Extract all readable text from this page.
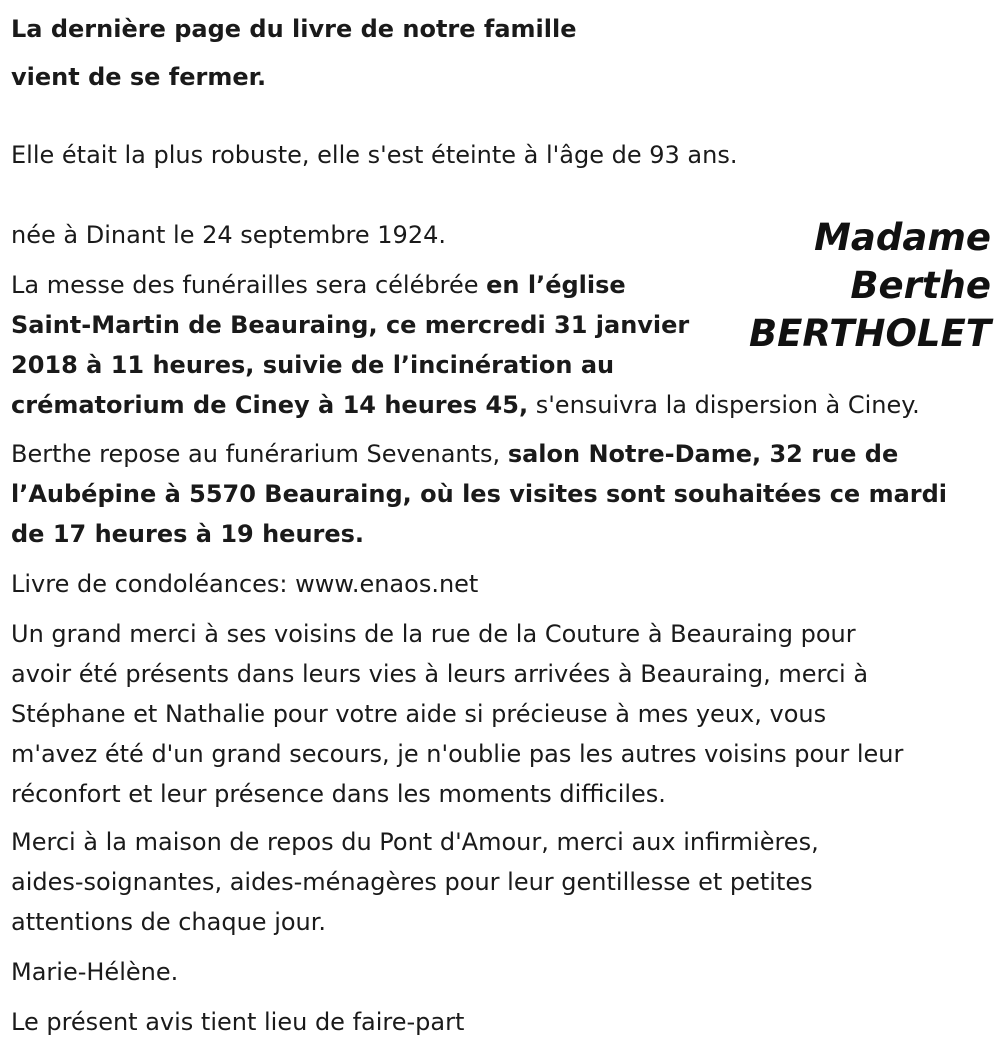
La dernière page du livre de notre famille
vient de se fermer.
Elle était la plus robuste, elle s'est éteinte à l'âge de 93 ans.
Madame
Berthe
BERTHOLET
née à Dinant le 24 septembre 1924.
La messe des funérailles sera célébrée en l’église
Saint-Martin de Beauraing, ce mercredi 31 janvier
2018 à 11 heures, suivie de l’incinération au
crématorium de Ciney à 14 heures 45, s'ensuivra la dispersion à Ciney.
Berthe repose au funérarium Sevenants, salon Notre-Dame, 32 rue de
l’Aubépine à 5570 Beauraing, où les visites sont souhaitées ce mardi
de 17 heures à 19 heures.
Livre de condoléances: www.enaos.net
Un grand merci à ses voisins de la rue de la Couture à Beauraing pour
avoir été présents dans leurs vies à leurs arrivées à Beauraing, merci à
Stéphane et Nathalie pour votre aide si précieuse à mes yeux, vous
m'avez été d'un grand secours, je n'oublie pas les autres voisins pour leur
réconfort et leur présence dans les moments difficiles.
Merci à la maison de repos du Pont d'Amour, merci aux infirmières,
aides-soignantes, aides-ménagères pour leur gentillesse et petites
attentions de chaque jour.
Marie-Hélène.
Le présent avis tient lieu de faire-part
